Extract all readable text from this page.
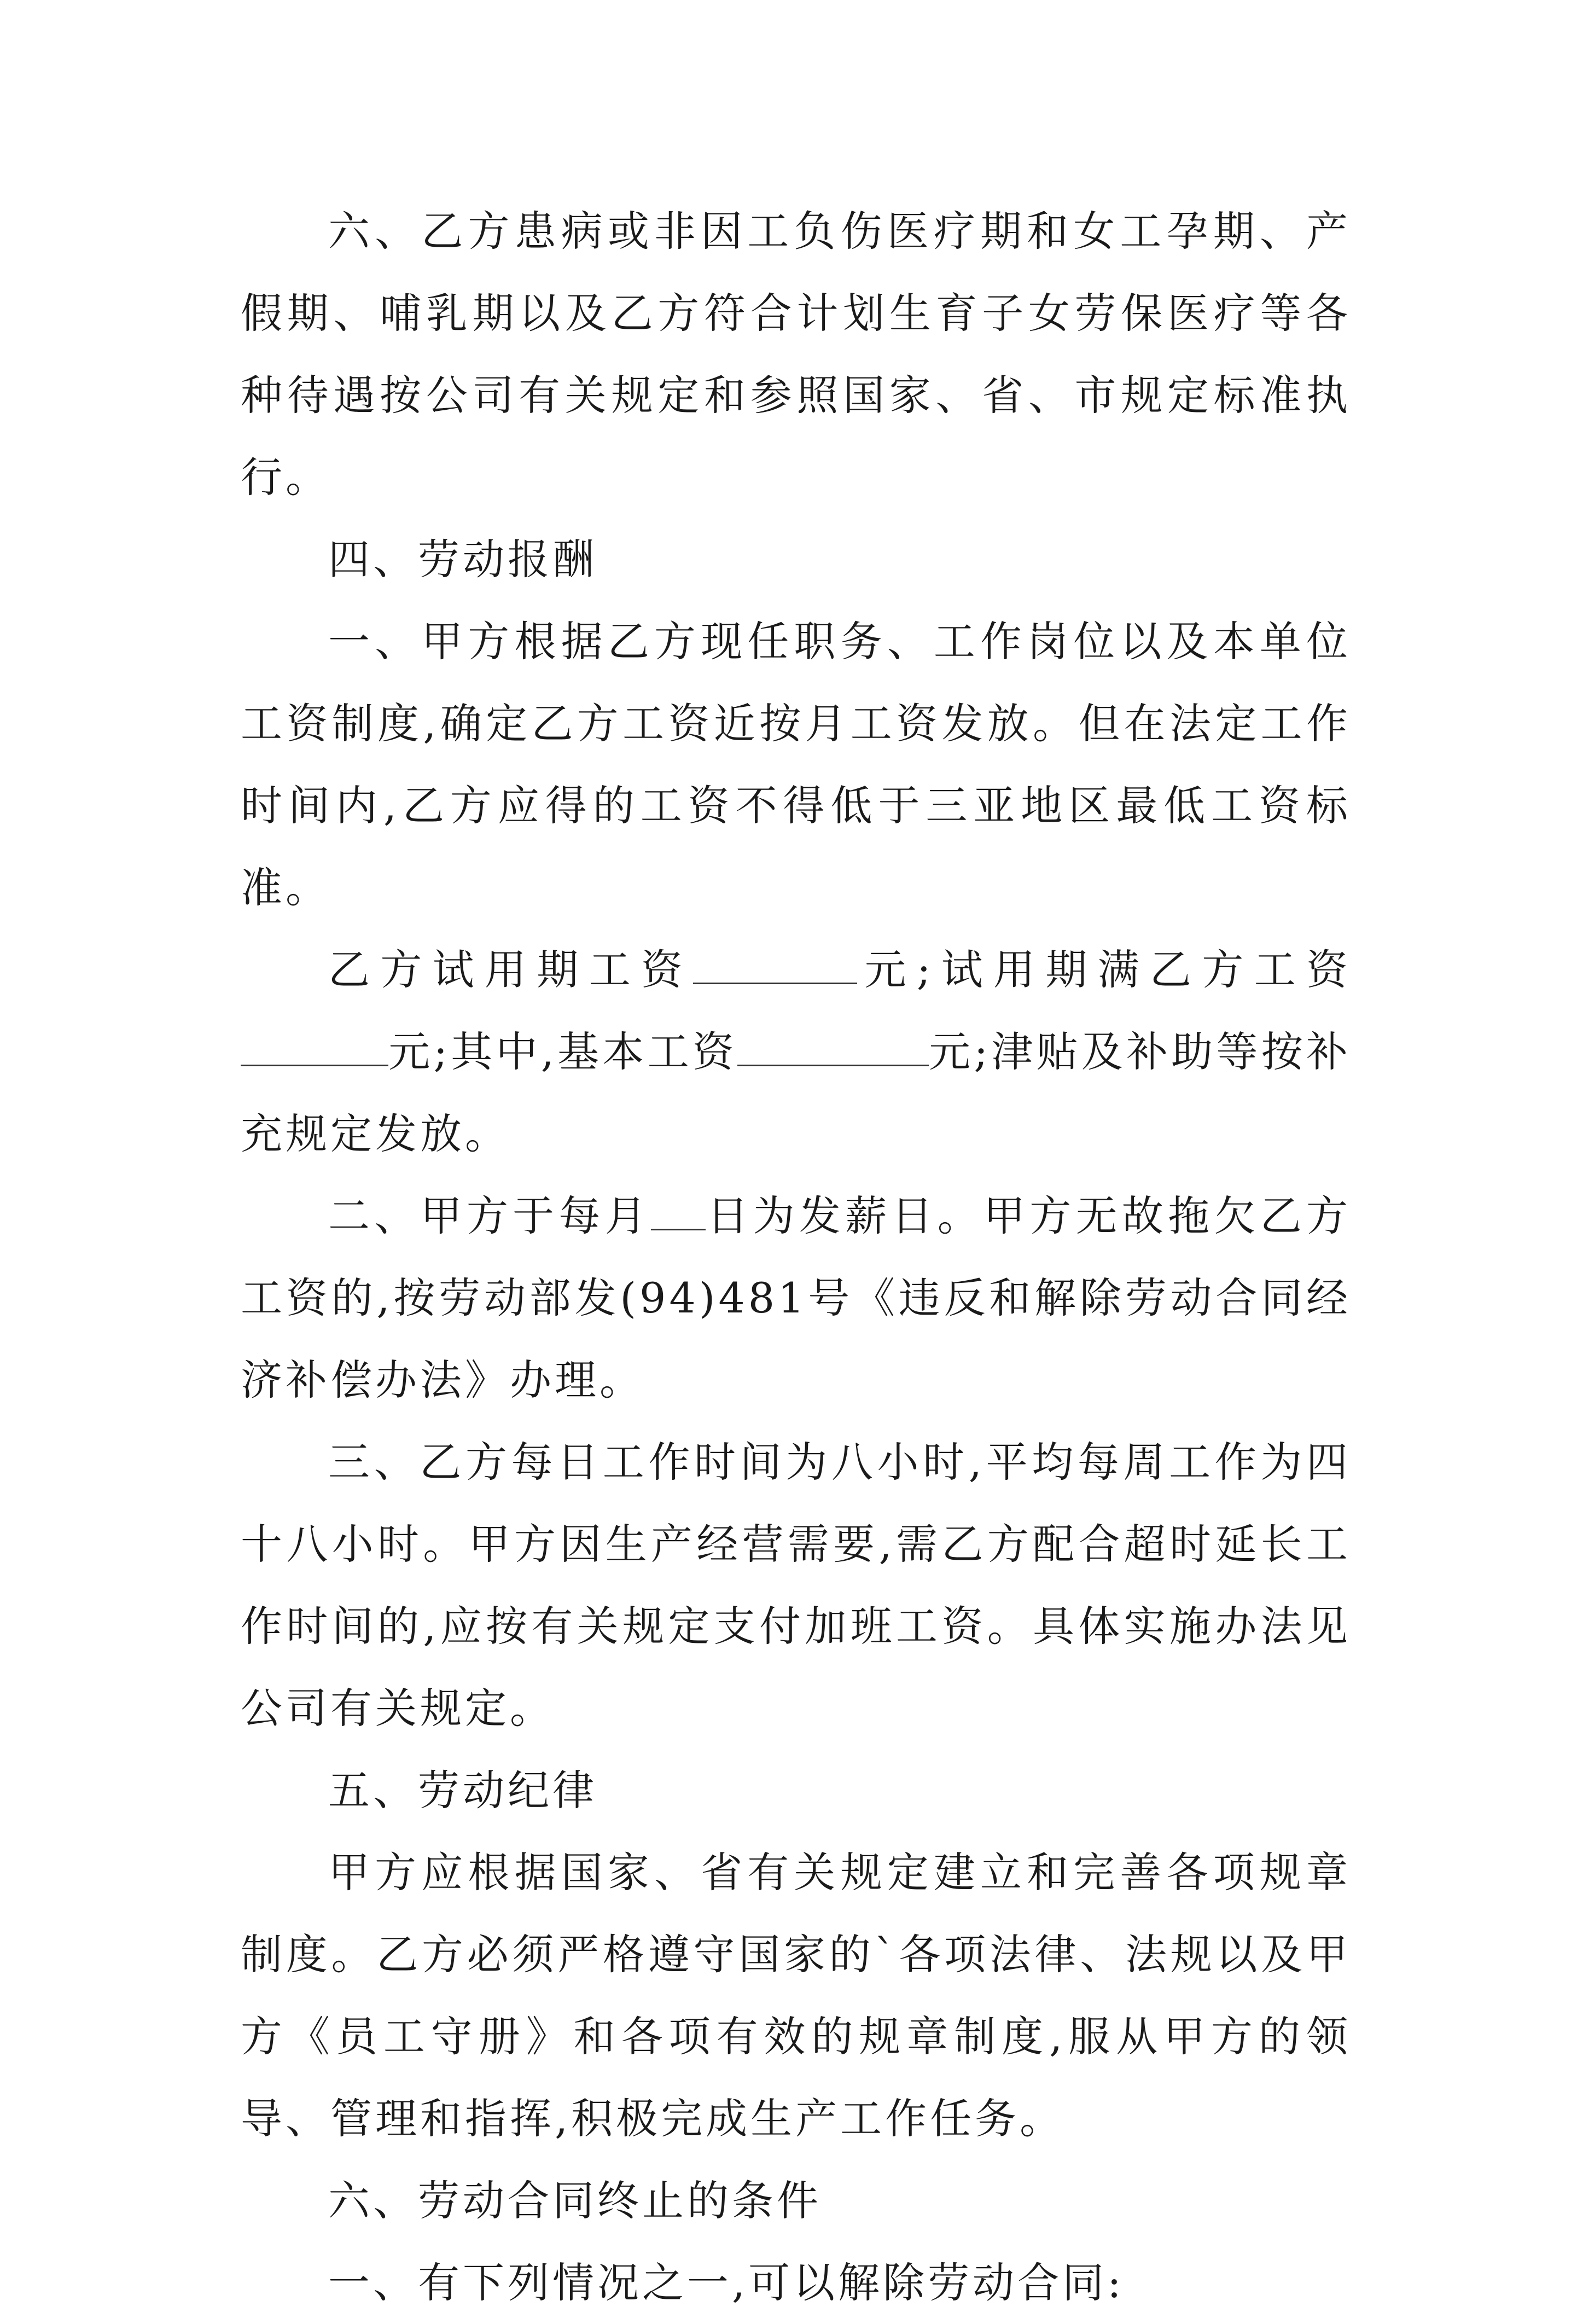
六、乙方患病或非因工负伤医疗期和女工孕期、产假期、哺乳期以及乙方符合计划生育子女劳保医疗等各种待遇按公司有关规定和参照国家、省、市规定标准执行。

四、劳动报酬

一、甲方根据乙方现任职务、工作岗位以及本单位工资制度,确定乙方工资近按月工资发放。但在法定工作时间内,乙方应得的工资不得低于三亚地区最低工资标准。

乙方试用期工资	元;试用期满乙方工资元;其中,基本工资	元;津贴及补助等按补充规定发放。

二、甲方于每月 日为发薪日。甲方无故拖欠乙方工资的,按劳动部发(94)481号《违反和解除劳动合同经济补偿办法》办理。

三、乙方每日工作时间为八小时,平均每周工作为四十八小时。甲方因生产经营需要,需乙方配合超时延长工作时间的,应按有关规定支付加班工资。具体实施办法见公司有关规定。

五、劳动纪律

甲方应根据国家、省有关规定建立和完善各项规章制度。乙方必须严格遵守国家的`各项法律、法规以及甲方《员工守册》和各项有效的规章制度,服从甲方的领导、管理和指挥,积极完成生产工作任务。

六、劳动合同终止的条件

一、有下列情况之一,可以解除劳动合同:
